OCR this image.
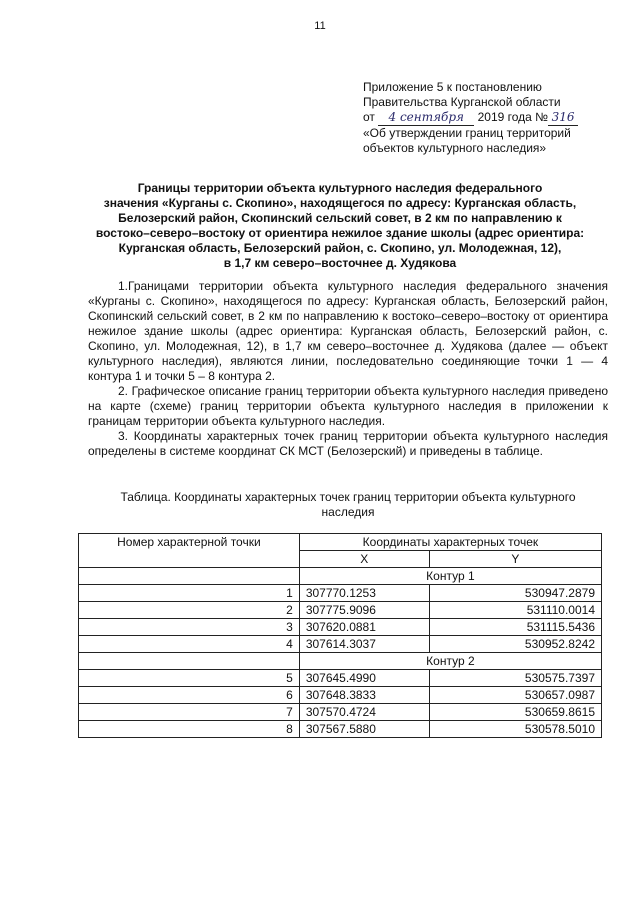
11
Приложение 5 к постановлению
Правительства Курганской области
от 4 сентября 2019 года № 316
«Об утверждении границ территорий
объектов культурного наследия»
Границы территории объекта культурного наследия федерального
значения «Курганы с. Скопино», находящегося по адресу: Курганская область,
Белозерский район, Скопинский сельский совет, в 2 км по направлению к
востоко–северо–востоку от ориентира нежилое здание школы (адрес ориентира:
Курганская область, Белозерский район, с. Скопино, ул. Молодежная, 12),
в 1,7 км северо–восточнее д. Худякова

1.Границами территории объекта культурного наследия федерального значения «Курганы с. Скопино», находящегося по адресу: Курганская область, Белозерский район, Скопинский сельский совет, в 2 км по направлению к востоко–северо–востоку от ориентира нежилое здание школы (адрес ориентира: Курганская область, Белозерский район, с. Скопино, ул. Молодежная, 12), в 1,7 км северо–восточнее д. Худякова (далее — объект культурного наследия), являются линии, последовательно соединяющие точки 1 — 4 контура 1 и точки 5 – 8 контура 2.

2. Графическое описание границ территории объекта культурного наследия приведено на карте (схеме) границ территории объекта культурного наследия в приложении к границам территории объекта культурного наследия.

3. Координаты характерных точек границ территории объекта культурного наследия определены в системе координат СК МСТ (Белозерский) и приведены в таблице.

Таблица. Координаты характерных точек границ территории объекта культурного
наследия
Номер характерной точки	Координаты характерных точек	
	X	Y
	Контур 1	
1	307770.1253	530947.2879
2	307775.9096	531110.0014
3	307620.0881	531115.5436
4	307614.3037	530952.8242
	Контур 2	
5	307645.4990	530575.7397
6	307648.3833	530657.0987
7	307570.4724	530659.8615
8	307567.5880	530578.5010
